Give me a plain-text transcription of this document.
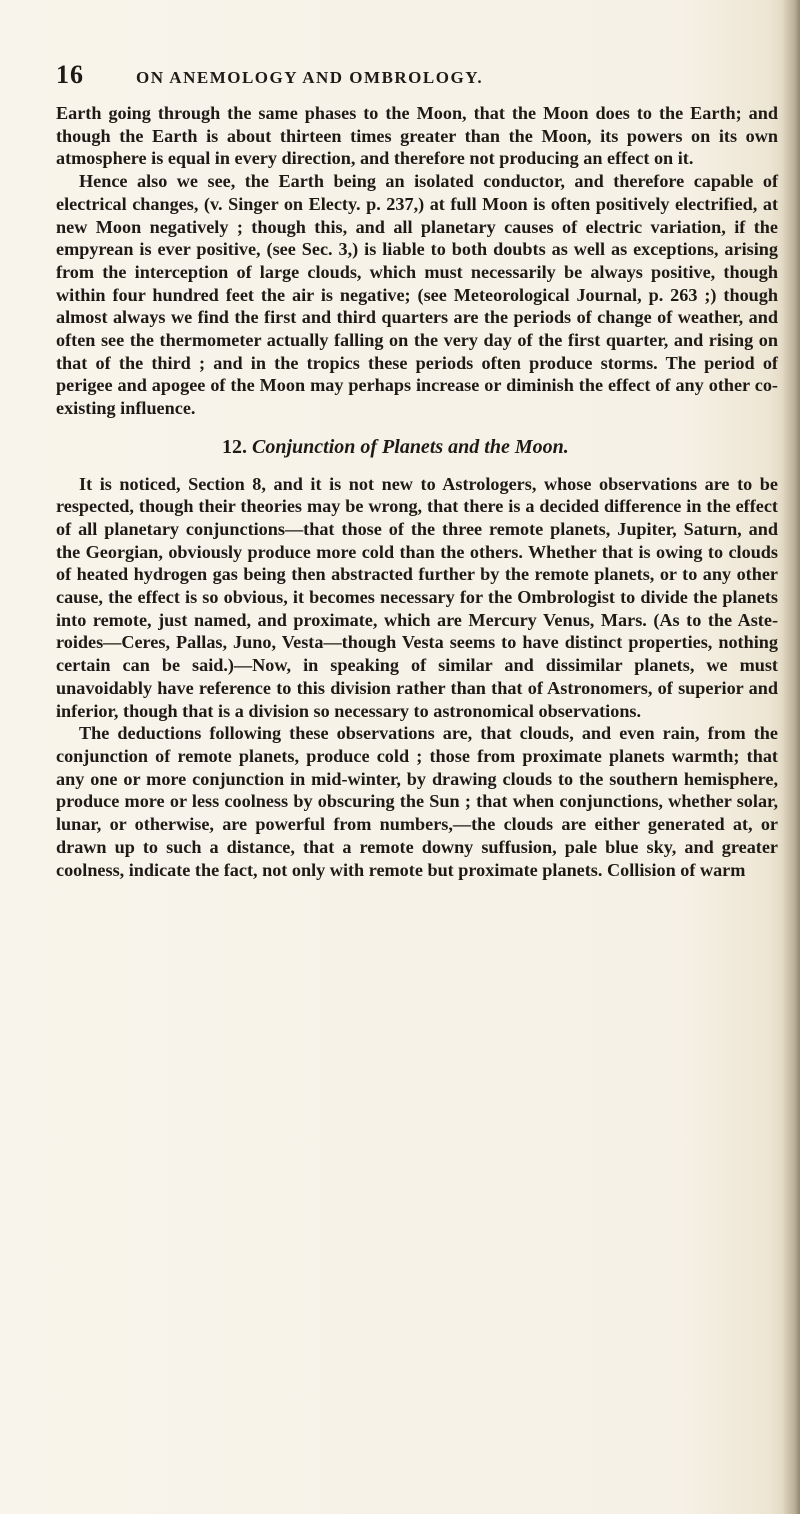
16	ON ANEMOLOGY AND OMBROLOGY.

Earth going through the same phases to the Moon, that the Moon does to the Earth; and though the Earth is about thirteen times greater than the Moon, its powers on its own atmosphere is equal in every direction, and therefore not producing an effect on it.

Hence also we see, the Earth being an isolated conductor, and therefore capable of electrical changes, (v. Singer on Electy. p. 237,) at full Moon is often positively electrified, at new Moon negatively ; though this, and all planetary causes of electric variation, if the empyrean is ever positive, (see Sec. 3,) is liable to both doubts as well as exceptions, arising from the interception of large clouds, which must necessarily be always positive, though within four hundred feet the air is negative; (see Meteorological Journal, p. 263 ;) though almost always we find the first and third quarters are the periods of change of weather, and often see the thermometer actually falling on the very day of the first quarter, and rising on that of the third ; and in the tropics these periods often produce storms. The period of perigee and apogee of the Moon may perhaps increase or diminish the effect of any other co-existing influence.

12. Conjunction of Planets and the Moon.

It is noticed, Section 8, and it is not new to Astrologers, whose observations are to be respected, though their theories may be wrong, that there is a decided difference in the effect of all planetary conjunctions—that those of the three remote planets, Jupiter, Saturn, and the Georgian, obviously produce more cold than the others. Whether that is owing to clouds of heated hydrogen gas being then abstracted further by the remote planets, or to any other cause, the effect is so obvious, it becomes necessary for the Ombrologist to divide the planets into remote, just named, and proximate, which are Mercury Venus, Mars. (As to the Asteroides—Ceres, Pallas, Juno, Vesta—though Vesta seems to have distinct properties, nothing certain can be said.)—Now, in speaking of similar and dissimilar planets, we must unavoidably have reference to this division rather than that of Astronomers, of superior and inferior, though that is a division so necessary to astronomical observations.

The deductions following these observations are, that clouds, and even rain, from the conjunction of remote planets, produce cold ; those from proximate planets warmth; that any one or more conjunction in mid-winter, by drawing clouds to the southern hemisphere, produce more or less coolness by obscuring the Sun ; that when conjunctions, whether solar, lunar, or otherwise, are powerful from numbers,—the clouds are either generated at, or drawn up to such a distance, that a remote downy suffusion, pale blue sky, and greater coolness, indicate the fact, not only with remote but proximate planets. Collision of warm
